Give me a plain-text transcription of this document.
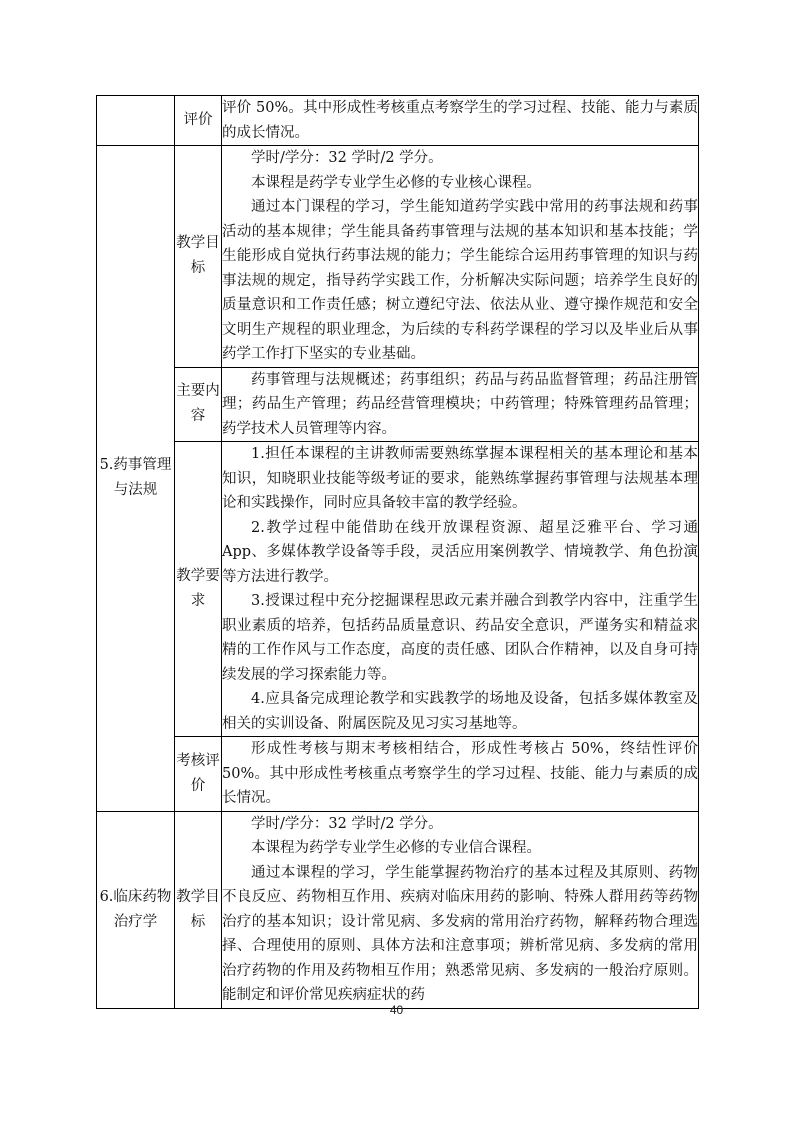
	评价	评价 50%。其中形成性考核重点考察学生的学习过程、技能、能力与素质的成长情况。

5.药事管理与法规	教学目标	学时/学分：32 学时/2 学分。

本课程是药学专业学生必修的专业核心课程。

通过本门课程的学习，学生能知道药学实践中常用的药事法规和药事活动的基本规律；学生能具备药事管理与法规的基本知识和基本技能；学生能形成自觉执行药事法规的能力；学生能综合运用药事管理的知识与药事法规的规定，指导药学实践工作，分析解决实际问题；培养学生良好的质量意识和工作责任感；树立遵纪守法、依法从业、遵守操作规范和安全文明生产规程的职业理念，为后续的专科药学课程的学习以及毕业后从事药学工作打下坚实的专业基础。

	主要内容	药事管理与法规概述；药事组织；药品与药品监督管理；药品注册管理；药品生产管理；药品经营管理模块；中药管理；特殊管理药品管理；药学技术人员管理等内容。

	教学要求	1.担任本课程的主讲教师需要熟练掌握本课程相关的基本理论和基本知识，知晓职业技能等级考证的要求，能熟练掌握药事管理与法规基本理论和实践操作，同时应具备较丰富的教学经验。

2.教学过程中能借助在线开放课程资源、超星泛雅平台、学习通 App、多媒体教学设备等手段，灵活应用案例教学、情境教学、角色扮演等方法进行教学。

3.授课过程中充分挖掘课程思政元素并融合到教学内容中，注重学生职业素质的培养，包括药品质量意识、药品安全意识，严谨务实和精益求精的工作作风与工作态度，高度的责任感、团队合作精神，以及自身可持续发展的学习探索能力等。

4.应具备完成理论教学和实践教学的场地及设备，包括多媒体教室及相关的实训设备、附属医院及见习实习基地等。

	考核评价	形成性考核与期末考核相结合，形成性考核占 50%，终结性评价 50%。其中形成性考核重点考察学生的学习过程、技能、能力与素质的成长情况。

6.临床药物治疗学	教学目标	学时/学分：32 学时/2 学分。

本课程为药学专业学生必修的专业信合课程。

通过本课程的学习，学生能掌握药物治疗的基本过程及其原则、药物不良反应、药物相互作用、疾病对临床用药的影响、特殊人群用药等药物治疗的基本知识；设计常见病、多发病的常用治疗药物，解释药物合理选择、合理使用的原则、具体方法和注意事项；辨析常见病、多发病的常用治疗药物的作用及药物相互作用；熟悉常见病、多发病的一般治疗原则。能制定和评价常见疾病症状的药

40
